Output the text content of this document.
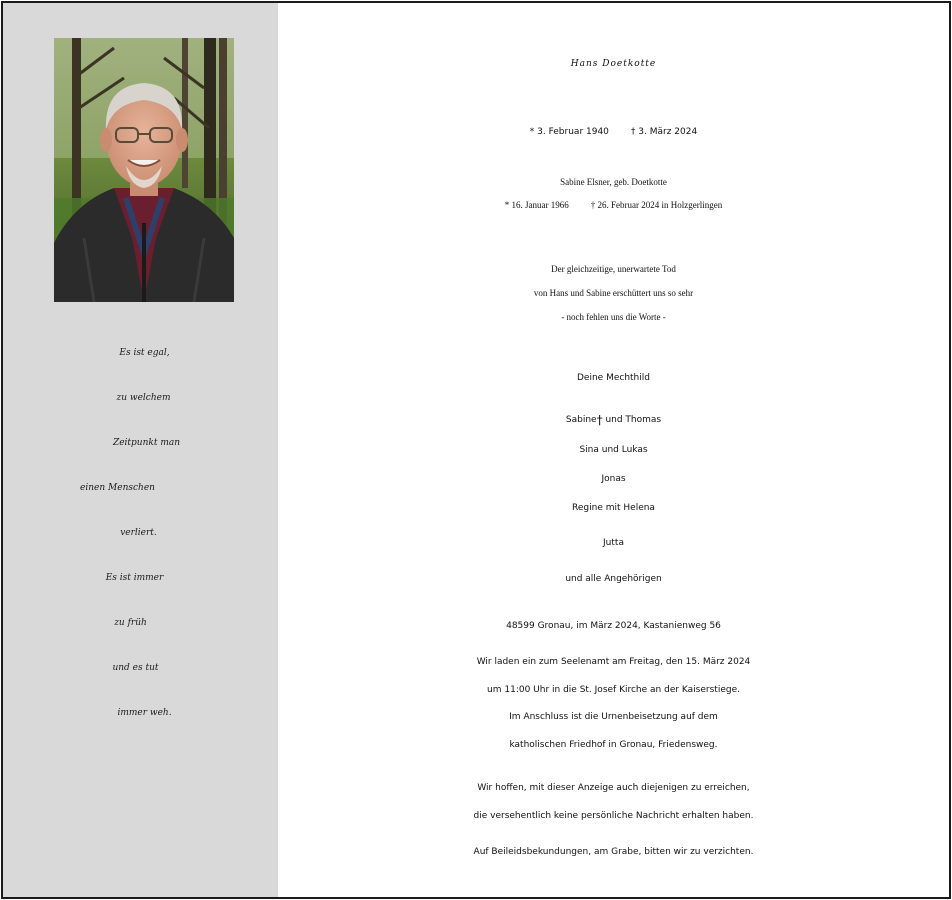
Es ist egal,
zu welchem
Zeitpunkt man
einen Menschen
verliert.
Es ist immer
zu früh
und es tut
immer weh.
Hans Doetkotte
* 3. Februar 1940 † 3. März 2024
Sabine Elsner, geb. Doetkotte
* 16. Januar 1966 † 26. Februar 2024 in Holzgerlingen
Der gleichzeitige, unerwartete Tod
von Hans und Sabine erschüttert uns so sehr
- noch fehlen uns die Worte -
Deine Mechthild
Sabine† und Thomas
Sina und Lukas
Jonas
Regine mit Helena
Jutta
und alle Angehörigen
48599 Gronau, im März 2024, Kastanienweg 56
Wir laden ein zum Seelenamt am Freitag, den 15. März 2024
um 11:00 Uhr in die St. Josef Kirche an der Kaiserstiege.
Im Anschluss ist die Urnenbeisetzung auf dem
katholischen Friedhof in Gronau, Friedensweg.
Wir hoffen, mit dieser Anzeige auch diejenigen zu erreichen,
die versehentlich keine persönliche Nachricht erhalten haben.
Auf Beileidsbekundungen, am Grabe, bitten wir zu verzichten.
